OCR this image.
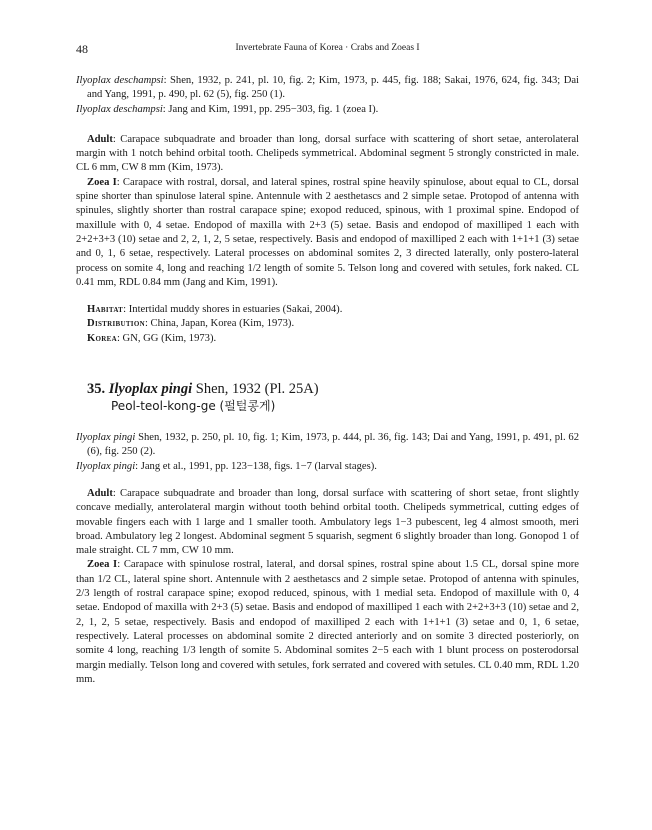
48	Invertebrate Fauna of Korea · Crabs and Zoeas I

Ilyoplax deschampsi: Shen, 1932, p. 241, pl. 10, fig. 2; Kim, 1973, p. 445, fig. 188; Sakai, 1976, 624, fig. 343; Dai and Yang, 1991, p. 490, pl. 62 (5), fig. 250 (1).

Ilyoplax deschampsi: Jang and Kim, 1991, pp. 295−303, fig. 1 (zoea I).

Adult: Carapace subquadrate and broader than long, dorsal surface with scattering of short setae, anterolateral margin with 1 notch behind orbital tooth. Chelipeds symmetrical. Abdominal segment 5 strongly constricted in male. CL 6 mm, CW 8 mm (Kim, 1973).

Zoea I: Carapace with rostral, dorsal, and lateral spines, rostral spine heavily spinulose, about equal to CL, dorsal spine shorter than spinulose lateral spine. Antennule with 2 aesthetascs and 2 simple setae. Protopod of antenna with spinules, slightly shorter than rostral carapace spine; exopod reduced, spinous, with 1 proximal spine. Endopod of maxillule with 0, 4 setae. Endopod of maxilla with 2+3 (5) setae. Basis and endopod of maxilliped 1 each with 2+2+3+3 (10) setae and 2, 2, 1, 2, 5 setae, respectively. Basis and endopod of maxilliped 2 each with 1+1+1 (3) setae and 0, 1, 6 setae, respectively. Lateral processes on abdominal somites 2, 3 directed laterally, only postero-lateral process on somite 4, long and reaching 1/2 length of somite 5. Telson long and covered with setules, fork naked. CL 0.41 mm, RDL 0.84 mm (Jang and Kim, 1991).

Habitat: Intertidal muddy shores in estuaries (Sakai, 2004).

Distribution: China, Japan, Korea (Kim, 1973).

Korea: GN, GG (Kim, 1973).

35. Ilyoplax pingi Shen, 1932 (Pl. 25A)

Peol-teol-kong-ge (펄털콩게)

Ilyoplax pingi Shen, 1932, p. 250, pl. 10, fig. 1; Kim, 1973, p. 444, pl. 36, fig. 143; Dai and Yang, 1991, p. 491, pl. 62 (6), fig. 250 (2).

Ilyoplax pingi: Jang et al., 1991, pp. 123−138, figs. 1−7 (larval stages).

Adult: Carapace subquadrate and broader than long, dorsal surface with scattering of short setae, front slightly concave medially, anterolateral margin without tooth behind orbital tooth. Chelipeds symmetrical, cutting edges of movable fingers each with 1 large and 1 smaller tooth. Ambulatory legs 1−3 pubescent, leg 4 almost smooth, meri broad. Ambulatory leg 2 longest. Abdominal segment 5 squarish, segment 6 slightly broader than long. Gonopod 1 of male straight. CL 7 mm, CW 10 mm.

Zoea I: Carapace with spinulose rostral, lateral, and dorsal spines, rostral spine about 1.5 CL, dorsal spine more than 1/2 CL, lateral spine short. Antennule with 2 aesthetascs and 2 simple setae. Protopod of antenna with spinules, 2/3 length of rostral carapace spine; exopod reduced, spinous, with 1 medial seta. Endopod of maxillule with 0, 4 setae. Endopod of maxilla with 2+3 (5) setae. Basis and endopod of maxilliped 1 each with 2+2+3+3 (10) setae and 2, 2, 1, 2, 5 setae, respectively. Basis and endopod of maxilliped 2 each with 1+1+1 (3) setae and 0, 1, 6 setae, respectively. Lateral processes on abdominal somite 2 directed anteriorly and on somite 3 directed posteriorly, on somite 4 long, reaching 1/3 length of somite 5. Abdominal somites 2−5 each with 1 blunt process on posterodorsal margin medially. Telson long and covered with setules, fork serrated and covered with setules. CL 0.40 mm, RDL 1.20 mm.
